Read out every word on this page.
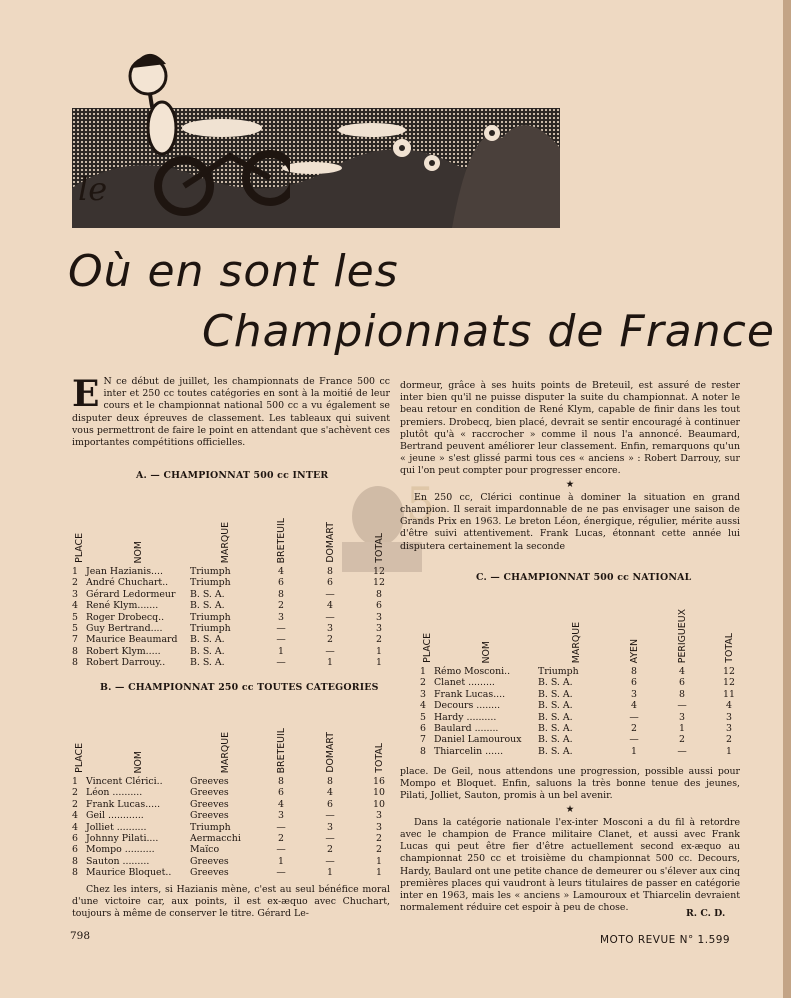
le
Où en sont les
Championnats de France
E N ce début de juillet, les championnats de France 500 cc inter et 250 cc toutes catégories en sont à la moitié de leur cours et le championnat national 500 cc a vu également se disputer deux épreuves de classement. Les tableaux qui suivent vous permettront de faire le point en attendant que s'achèvent ces importantes compétitions officielles.
5
A. — CHAMPIONNAT 500 cc INTER
PLACE	NOM	MARQUE	BRETEUIL	DOMART	TOTAL
1	Jean Hazianis....	Triumph	4	8	12
2	André Chuchart..	Triumph	6	6	12
3	Gérard Ledormeur	B. S. A.	8	—	8
4	René Klym.......	B. S. A.	2	4	6
5	Roger Drobecq..	Triumph	3	—	3
5	Guy Bertrand....	Triumph	—	3	3
7	Maurice Beaumard	B. S. A.	—	2	2
8	Robert Klym.....	B. S. A.	1	—	1
8	Robert Darrouy..	B. S. A.	—	1	1
B. — CHAMPIONNAT 250 cc TOUTES CATEGORIES
PLACE	NOM	MARQUE	BRETEUIL	DOMART	TOTAL
1	Vincent Clérici..	Greeves	8	8	16
2	Léon ..........	Greeves	6	4	10
2	Frank Lucas.....	Greeves	4	6	10
4	Geil ............	Greeves	3	—	3
4	Jolliet ..........	Triumph	—	3	3
6	Johnny Pilati....	Aermacchi	2	—	2
6	Mompo ..........	Maïco	—	2	2
8	Sauton .........	Greeves	1	—	1
8	Maurice Bloquet..	Greeves	—	1	1

Chez les inters, si Hazianis mène, c'est au seul bénéfice moral d'une victoire car, aux points, il est ex-æquo avec Chuchart, toujours à même de conserver le titre. Gérard Le-

dormeur, grâce à ses huits points de Breteuil, est assuré de rester inter bien qu'il ne puisse disputer la suite du championnat. A noter le beau retour en condition de René Klym, capable de finir dans les tout premiers. Drobecq, bien placé, devrait se sentir encouragé à continuer plutôt qu'à « raccrocher » comme il nous l'a annoncé. Beaumard, Bertrand peuvent améliorer leur classement. Enfin, remarquons qu'un « jeune » s'est glissé parmi tous ces « anciens » : Robert Darrouy, sur qui l'on peut compter pour progresser encore.

★

En 250 cc, Clérici continue à dominer la situation en grand champion. Il serait impardonnable de ne pas envisager une saison de Grands Prix en 1963. Le breton Léon, énergique, régulier, mérite aussi d'être suivi attentivement. Frank Lucas, étonnant cette année lui disputera certainement la seconde

C. — CHAMPIONNAT 500 cc NATIONAL
PLACE	NOM	MARQUE	AYEN	PERIGUEUX	TOTAL
1	Rémo Mosconi..	Triumph	8	4	12
2	Clanet .........	B. S. A.	6	6	12
3	Frank Lucas....	B. S. A.	3	8	11
4	Decours ........	B. S. A.	4	—	4
5	Hardy ..........	B. S. A.	—	3	3
6	Baulard ........	B. S. A.	2	1	3
7	Daniel Lamouroux	B. S. A.	—	2	2
8	Thiarcelin ......	B. S. A.	1	—	1

place. De Geil, nous attendons une progression, possible aussi pour Mompo et Bloquet. Enfin, saluons la très bonne tenue des jeunes, Pilati, Jolliet, Sauton, promis à un bel avenir.

★

Dans la catégorie nationale l'ex-inter Mosconi a du fil à retordre avec le champion de France militaire Clanet, et aussi avec Frank Lucas qui peut être fier d'être actuellement second ex-æquo au championnat 250 cc et troisième du championnat 500 cc. Decours, Hardy, Baulard ont une petite chance de demeurer ou s'élever aux cinq premières places qui vaudront à leurs titulaires de passer en catégorie inter en 1963, mais les « anciens » Lamouroux et Thiarcelin devraient normalement réduire cet espoir à peu de chose.

R. C. D.
798	MOTO REVUE N° 1.599
